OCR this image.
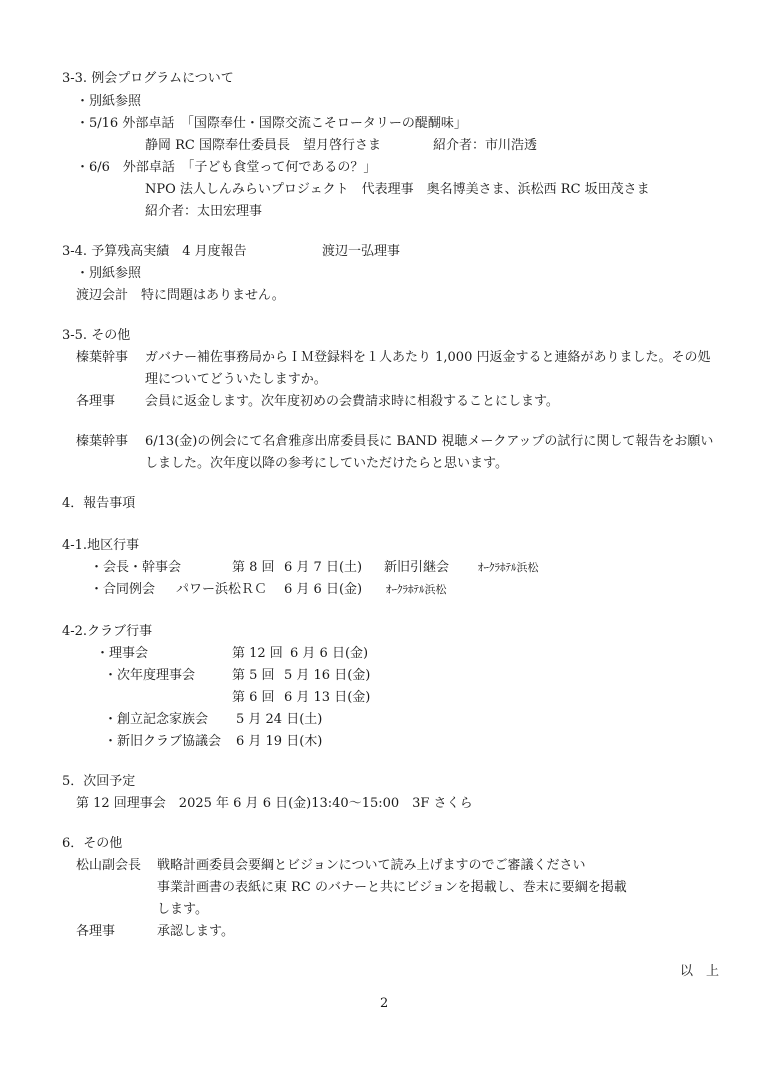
3-3. 例会プログラムについて
・別紙参照
・5/16 外部卓話　「国際奉仕・国際交流こそロータリーの醍醐味」
静岡 RC 国際奉仕委員長　望月啓行さま　　　　紹介者：市川浩透
・6/6　外部卓話　「子ども食堂って何であるの？」
NPO 法人しんみらいプロジェクト　代表理事　奥名博美さま、浜松西 RC 坂田茂さま
紹介者：太田宏理事
3-4. 予算残高実績　4 月度報告	渡辺一弘理事
・別紙参照
渡辺会計　特に問題はありません。
3-5. その他
榛葉幹事 ガバナー補佐事務局からＩＭ登録料を１人あたり 1,000 円返金すると連絡がありました。その処
理についてどういたしますか。
各理事 会員に返金します。次年度初めの会費請求時に相殺することにします。
榛葉幹事 6/13(金)の例会にて名倉雅彦出席委員長に BAND 視聴メークアップの試行に関して報告をお願い
しました。次年度以降の参考にしていただけたらと思います。
4．報告事項
4-1.地区行事
・会長・幹事会	第 8 回 6 月 7 日(土) 新旧引継会	ｵｰｸﾗﾎﾃﾙ浜松
・合同例会 パワー浜松ＲＣ 6 月 6 日(金) ｵｰｸﾗﾎﾃﾙ浜松
4-2.クラブ行事
・理事会	第 12 回 6 月 6 日(金)
・次年度理事会	第 5 回 5 月 16 日(金)
第 6 回 6 月 13 日(金)
・創立記念家族会 5 月 24 日(土)
・新旧クラブ協議会 6 月 19 日(木)
5．次回予定
第 12 回理事会　2025 年 6 月 6 日(金)13:40～15:00　3F さくら
6．その他
松山副会長 戦略計画委員会要綱とビジョンについて読み上げますのでご審議ください
事業計画書の表紙に東 RC のバナーと共にビジョンを掲載し、巻末に要綱を掲載
します。
各理事	承認します。
以　上
2
